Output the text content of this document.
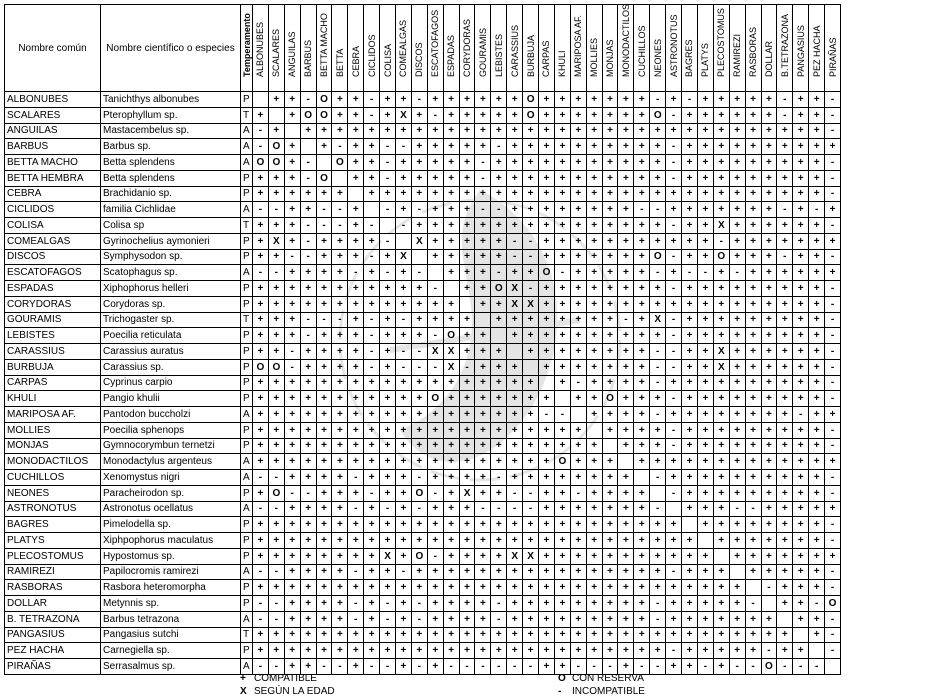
Nombre común	Nombre científico o especies	Temperamento	ALBONUBES	SCALARES	ANGUILAS	BARBUS	BETTA MACHO	BETTA	CEBRA	CICLIDOS	COLISA	COMEALGAS	DISCOS	ESCATOFAGOS	ESPADAS	CORYDORAS	GOURAMIS	LEBISTES	CARASSIUS	BURBUJA	CARPAS	KHULI	MARIPOSA AF.	MOLLIES	MONJAS	MONODACTILOS	CUCHILLOS	NEONES	ASTRONOTUS	BAGRES	PLATYS	PLECOSTOMUS	RAMIREZI	RASBORAS	DOLLAR	B.TETRAZONA	PANGASIUS	PEZ HACHA	PIRAÑAS

ALBONUBES	Tanichthys albonubes	P		+	+	-	O	+	+	-	+	+	-	+	+	+	+	+	+	O	+	+	+	+	+	+	+	-	+	-	+	+	+	+	+	-	+	+	-
SCALARES	Pterophyllum sp.	T	+		+	O	O	+	+	-	+	X	+	-	+	+	+	+	+	O	+	+	+	+	+	+	+	O	-	+	+	+	+	+	+	-	+	+	-
ANGUILAS	Mastacembelus sp.	A	-	+		+	+	+	+	+	+	+	+	+	+	+	+	+	+	+	+	+	+	+	+	+	+	+	+	+	+	+	+	+	+	+	+	+	-
BARBUS	Barbus sp.	A	-	O	+		+	-	+	+	-	-	+	+	+	+	+	-	+	+	+	+	+	+	+	+	+	+	-	+	+	+	+	+	+	+	+	+	+
BETTA MACHO	Betta splendens	A	O	O	+	-		O	+	+	-	+	+	+	+	+	-	+	+	+	+	+	+	+	+	+	+	+	-	+	+	+	+	+	+	+	+	+	-
BETTA HEMBRA	Betta splendens	P	+	+	+	-	O		+	+	-	+	+	+	+	+	-	+	+	+	+	+	+	+	+	+	+	+	-	+	+	+	+	+	+	+	+	+	-
CEBRA	Brachidanio sp.	P	+	+	+	+	+	+		+	+	+	+	+	+	+	+	+	+	+	+	+	+	+	+	+	+	+	+	+	+	+	+	+	+	+	+	+	-
CICLIDOS	familia Cichlidae	A	-	-	+	+	-	-	+		-	+	-	+	+	+	-	-	+	+	+	+	+	+	+	+	-	-	+	+	+	+	+	+	+	-	+	-	+
COLISA	Colisa sp	T	+	+	+	-	-	-	+	-		-	+	+	+	+	+	+	+	+	+	+	+	+	+	+	+	+	-	+	+	X	+	+	+	+	+	+	-
COMEALGAS	Gyrinochelius aymonieri	P	+	X	+	-	+	+	+	+	-		X	+	+	+	+	+	-	-	+	+	+	+	+	+	+	+	+	+	+	-	+	+	+	+	+	+	+
DISCOS	Symphysodon sp.	P	+	+	-	-	+	+	+	-	+	X		+	+	+	+	+	-	-	+	+	+	+	+	+	+	O	-	+	+	O	+	+	+	-	+	+	-
ESCATOFAGOS	Scatophagus sp.	A	-	-	+	+	+	+	-	+	-	+	-		+	+	+	-	+	+	O	-	+	+	+	+	+	-	+	-	-	+	-	+	+	+	+	+	+
ESPADAS	Xiphophorus helleri	P	+	+	+	+	+	+	+	+	+	+	+	-		+	+	O	X	-	+	+	+	+	+	+	+	+	-	+	+	+	+	+	+	+	+	+	-
CORYDORAS	Corydoras sp.	P	+	+	+	+	+	+	+	+	+	+	+	+	+		+	+	X	X	+	+	+	+	+	+	+	+	+	+	+	+	+	+	+	+	+	+	-
GOURAMIS	Trichogaster sp.	T	+	+	+	-	-	-	+	-	+	-	+	+	+	+		+	+	+	+	+	+	+	+	-	+	X	-	+	+	+	+	+	+	+	+	+	-
LEBISTES	Poecilia reticulata	P	+	+	+	-	+	+	+	-	+	+	+	-	O	+	+		+	+	+	+	+	+	+	+	+	+	-	+	+	+	+	+	+	+	+	+	-
CARASSIUS	Carassius auratus	P	+	+	-	+	+	+	+	-	+	-	-	X	X	+	+	+		+	+	+	+	+	+	+	+	-	-	+	+	X	+	+	+	+	+	+	-
BURBUJA	Carassius sp.	P	O	O	-	+	+	+	+	-	+	-	-	-	X	-	+	+	+		+	+	+	+	+	+	+	-	-	+	+	X	+	+	+	+	+	+	-
CARPAS	Cyprinus carpio	P	+	+	+	+	+	+	+	+	+	+	+	+	+	+	+	+	+	+		+	-	+	+	+	+	-	+	+	+	+	+	+	+	+	+	+	-
KHULI	Pangio khulii	P	+	+	+	+	+	+	+	+	+	+	+	O	+	+	+	+	+	+	+		+	+	O	+	+	+	-	+	+	+	+	+	+	+	+	+	-
MARIPOSA AF.	Pantodon buccholzi	A	+	+	+	+	+	+	+	+	+	+	+	+	+	+	+	+	+	+	-	-		+	+	+	+	-	+	+	+	+	+	+	+	+	-	+	+
MOLLIES	Poecilia sphenops	P	+	+	+	+	+	+	+	+	+	+	+	+	+	+	+	+	+	+	+	+	+		+	+	+	+	-	+	+	+	+	+	+	+	+	+	-
MONJAS	Gymnocorymbun ternetzi	P	+	+	+	+	+	+	+	+	+	+	+	+	+	+	+	+	+	+	+	+	+	+		+	+	+	-	+	+	+	+	+	+	+	+	+	-
MONODACTILOS	Monodactylus argenteus	A	+	+	+	+	+	+	+	+	+	+	+	+	+	+	+	+	+	+	+	O	+	+	+		+	+	+	+	+	+	+	+	+	+	+	+	+
CUCHILLOS	Xenomystus nigri	A	-	-	+	+	+	+	-	+	+	+	-	+	+	+	+	-	+	+	+	+	+	+	+	+		-	+	+	+	+	+	+	+	+	+	+	-
NEONES	Paracheirodon sp.	P	+	O	-	-	+	+	+	-	+	+	O	-	+	X	+	+	-	-	+	+	-	+	+	+	+		-	+	+	+	+	+	+	+	+	+	-
ASTRONOTUS	Astronotus ocellatus	A	-	-	+	+	+	+	-	+	-	+	-	+	+	+	-	-	-	-	+	+	+	+	+	+	+	-		+	+	+	-	-	+	+	+	+	+
BAGRES	Pimelodella sp.	P	+	+	+	+	+	+	+	+	+	+	+	+	+	+	+	+	+	+	+	+	+	+	+	+	+	+	+		+	+	+	+	+	+	+	+	-
PLATYS	Xiphpophorus maculatus	P	+	+	+	+	+	+	+	+	+	+	+	+	+	+	+	+	+	+	+	+	+	+	+	+	+	+	+	+		+	+	+	+	+	+	+	-
PLECOSTOMUS	Hypostomus sp.	P	+	+	+	+	+	+	+	+	X	+	O	-	+	+	+	+	X	X	+	+	+	+	+	+	+	+	+	+	+		+	+	+	+	+	+	+
RAMIREZI	Papilocromis ramirezi	A	-	-	+	+	+	+	-	+	+	-	+	+	+	+	+	+	+	+	+	+	+	+	+	+	+	+	-	+	+	+		+	+	+	+	+	-
RASBORAS	Rasbora heteromorpha	P	+	+	+	+	+	+	+	+	+	+	+	+	+	+	+	+	+	+	+	+	+	+	+	+	+	+	+	+	+	+	+		-	+	+	+	-
DOLLAR	Metynnis sp.	P	-	-	+	+	+	+	-	+	-	+	-	+	+	+	+	-	+	+	+	+	+	+	+	+	+	-	+	+	+	+	+	-		+	+	-	O
B. TETRAZONA	Barbus tetrazona	A	-	-	+	+	+	+	-	+	-	+	-	+	+	+	+	-	+	+	+	+	+	+	+	+	+	-	+	+	+	+	+	+	+		+	+	-
PANGASIUS	Pangasius sutchi	T	+	+	+	+	+	+	+	+	+	+	+	+	+	+	+	+	+	+	+	+	+	+	+	+	+	+	+	+	+	+	+	+	+	+		+	-
PEZ HACHA	Carnegiella sp.	P	+	+	+	+	+	+	+	+	+	+	+	+	+	+	+	+	+	+	+	+	+	+	+	+	+	+	-	+	+	+	+	+	-	+	+		-
PIRAÑAS	Serrasalmus sp.	A	-	-	+	+	-	-	+	-	-	+	-	+	-	-	-	-	-	-	+	+	-	-	-	+	-	-	+	+	-	+	-	-	O	-	-	-	
+ COMPATIBLE	O CON RESERVA
X SEGÚN LA EDAD	- INCOMPATIBLE
